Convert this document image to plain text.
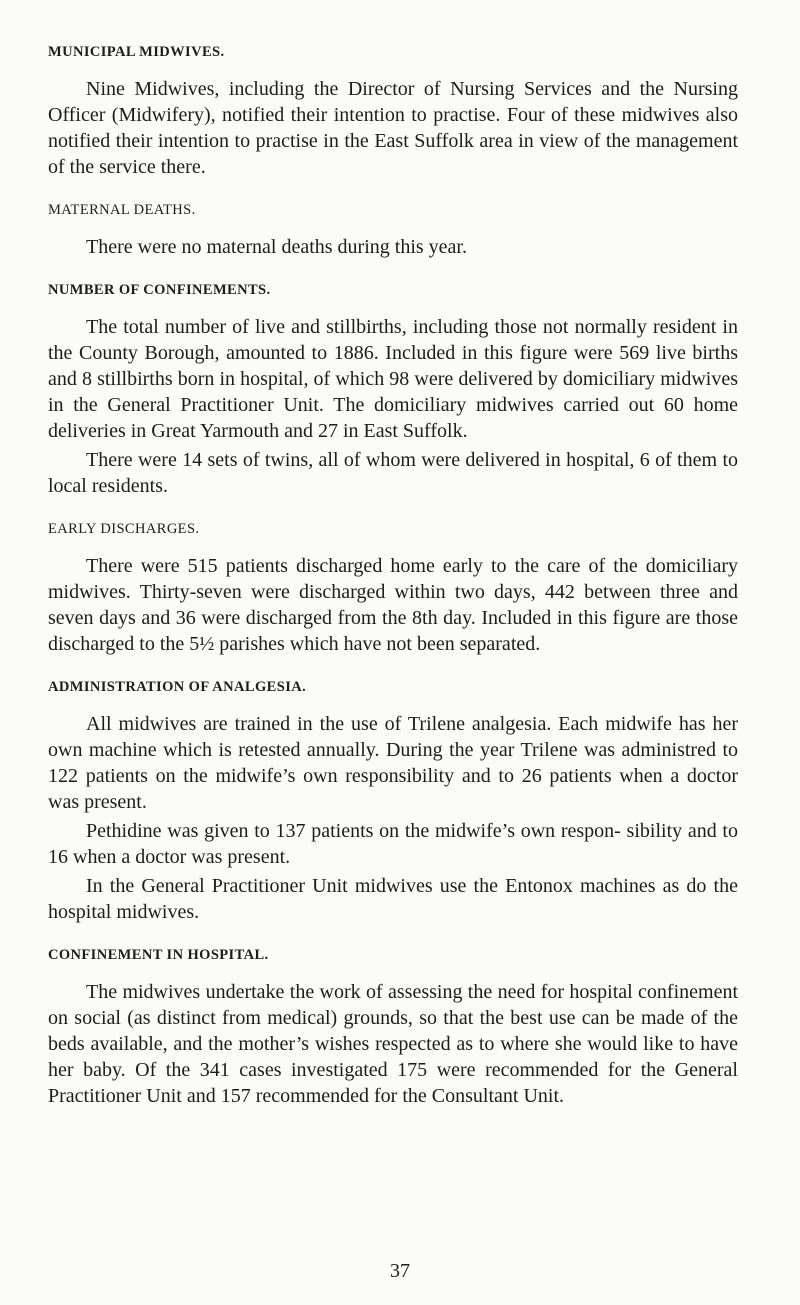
MUNICIPAL MIDWIVES.

Nine Midwives, including the Director of Nursing Services and the Nursing Officer (Midwifery), notified their intention to practise. Four of these midwives also notified their intention to practise in the East Suffolk area in view of the management of the service there.

MATERNAL DEATHS.

There were no maternal deaths during this year.

NUMBER OF CONFINEMENTS.

The total number of live and stillbirths, including those not normally resident in the County Borough, amounted to 1886. Included in this figure were 569 live births and 8 stillbirths born in hospital, of which 98 were delivered by domiciliary midwives in the General Practitioner Unit. The domiciliary midwives carried out 60 home deliveries in Great Yarmouth and 27 in East Suffolk.

There were 14 sets of twins, all of whom were delivered in hospital, 6 of them to local residents.

EARLY DISCHARGES.

There were 515 patients discharged home early to the care of the domiciliary midwives. Thirty-seven were discharged within two days, 442 between three and seven days and 36 were discharged from the 8th day. Included in this figure are those discharged to the 5½ parishes which have not been separated.

ADMINISTRATION OF ANALGESIA.

All midwives are trained in the use of Trilene analgesia. Each midwife has her own machine which is retested annually. During the year Trilene was administred to 122 patients on the midwife’s own responsibility and to 26 patients when a doctor was present.

Pethidine was given to 137 patients on the midwife’s own respon- sibility and to 16 when a doctor was present.

In the General Practitioner Unit midwives use the Entonox machines as do the hospital midwives.

CONFINEMENT IN HOSPITAL.

The midwives undertake the work of assessing the need for hospital confinement on social (as distinct from medical) grounds, so that the best use can be made of the beds available, and the mother’s wishes respected as to where she would like to have her baby. Of the 341 cases investigated 175 were recommended for the General Practitioner Unit and 157 recommended for the Consultant Unit.

37
